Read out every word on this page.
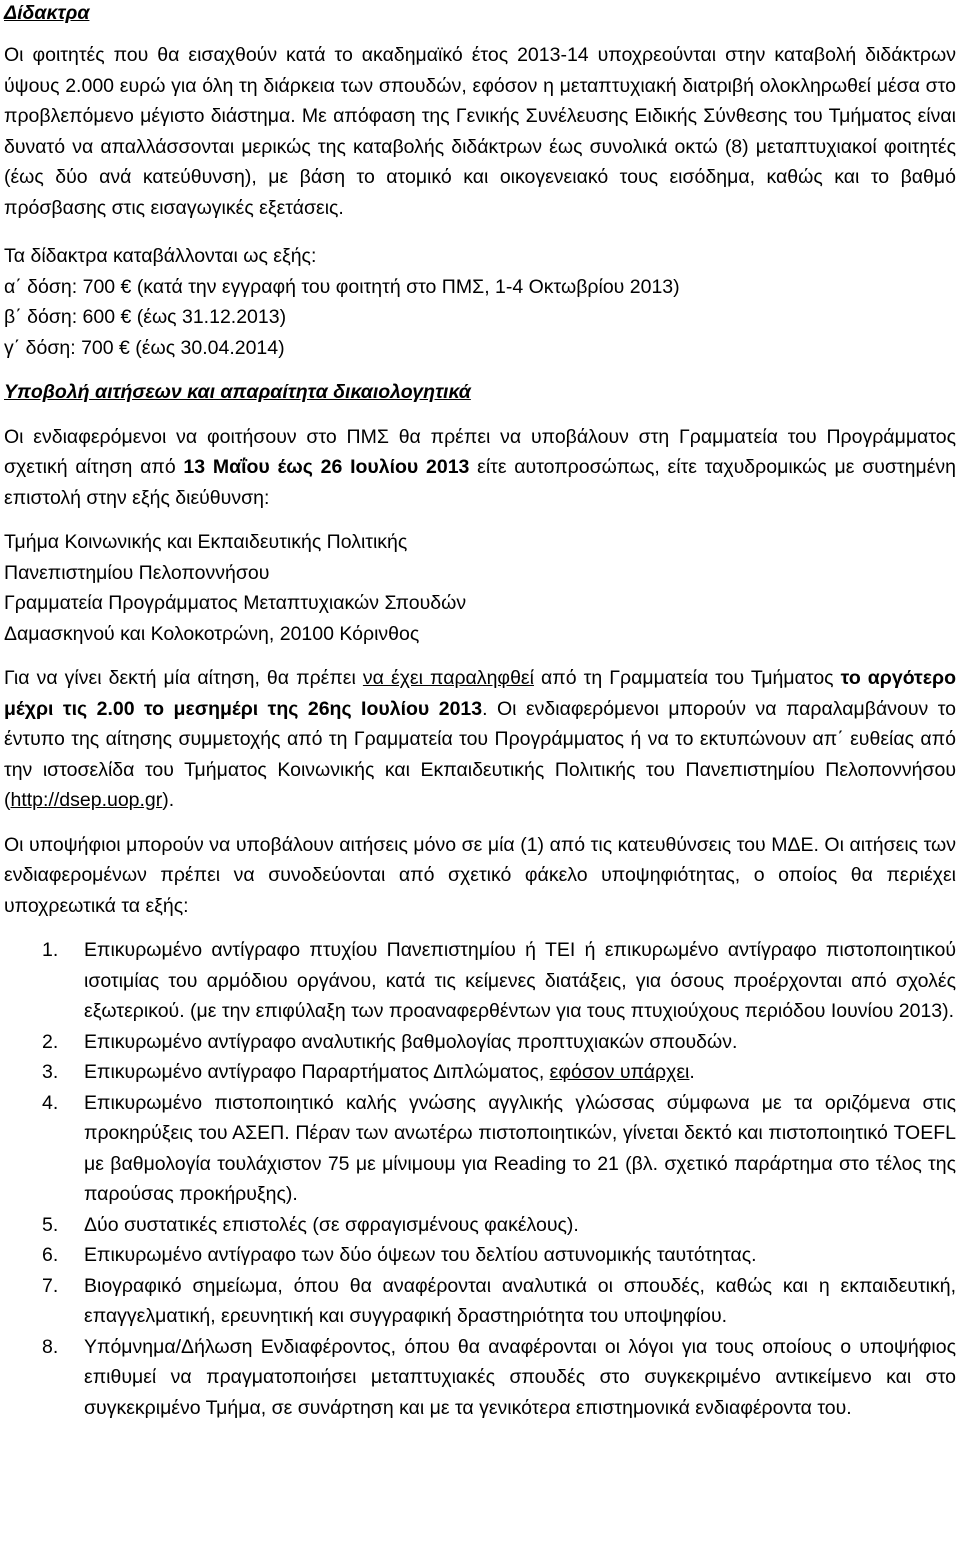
Δίδακτρα

Οι φοιτητές που θα εισαχθούν κατά το ακαδημαϊκό έτος 2013-14 υποχρεούνται στην καταβολή διδάκτρων ύψους 2.000 ευρώ για όλη τη διάρκεια των σπουδών, εφόσον η μεταπτυχιακή διατριβή ολοκληρωθεί μέσα στο προβλεπόμενο μέγιστο διάστημα. Με απόφαση της Γενικής Συνέλευσης Ειδικής Σύνθεσης του Τμήματος είναι δυνατό να απαλλάσσονται μερικώς της καταβολής διδάκτρων έως συνολικά οκτώ (8) μεταπτυχιακοί φοιτητές (έως δύο ανά κατεύθυνση), με βάση το ατομικό και οικογενειακό τους εισόδημα, καθώς και το βαθμό πρόσβασης στις εισαγωγικές εξετάσεις.

Τα δίδακτρα καταβάλλονται ως εξής:

α΄ δόση: 700 € (κατά την εγγραφή του φοιτητή στο ΠΜΣ, 1-4 Οκτωβρίου 2013)

β΄ δόση: 600 € (έως 31.12.2013)

γ΄ δόση: 700 € (έως 30.04.2014)

Υποβολή αιτήσεων και απαραίτητα δικαιολογητικά

Οι ενδιαφερόμενοι να φοιτήσουν στο ΠΜΣ θα πρέπει να υποβάλουν στη Γραμματεία του Προγράμματος σχετική αίτηση από 13 Μαΐου έως 26 Ιουλίου 2013 είτε αυτοπροσώπως, είτε ταχυδρομικώς με συστημένη επιστολή στην εξής διεύθυνση:

Τμήμα Κοινωνικής και Εκπαιδευτικής Πολιτικής

Πανεπιστημίου Πελοποννήσου

Γραμματεία Προγράμματος Μεταπτυχιακών Σπουδών

Δαμασκηνού και Κολοκοτρώνη, 20100 Κόρινθος

Για να γίνει δεκτή μία αίτηση, θα πρέπει να έχει παραληφθεί από τη Γραμματεία του Τμήματος το αργότερο μέχρι τις 2.00 το μεσημέρι της 26ης Ιουλίου 2013. Οι ενδιαφερόμενοι μπορούν να παραλαμβάνουν το έντυπο της αίτησης συμμετοχής από τη Γραμματεία του Προγράμματος ή να το εκτυπώνουν απ΄ ευθείας από την ιστοσελίδα του Τμήματος Κοινωνικής και Εκπαιδευτικής Πολιτικής του Πανεπιστημίου Πελοποννήσου (http://dsep.uop.gr).

Οι υποψήφιοι μπορούν να υποβάλουν αιτήσεις μόνο σε μία (1) από τις κατευθύνσεις του ΜΔΕ. Οι αιτήσεις των ενδιαφερομένων πρέπει να συνοδεύονται από σχετικό φάκελο υποψηφιότητας, ο οποίος θα περιέχει υποχρεωτικά τα εξής:

1.	Επικυρωμένο αντίγραφο πτυχίου Πανεπιστημίου ή ΤΕΙ ή επικυρωμένο αντίγραφο πιστοποιητικού ισοτιμίας του αρμόδιου οργάνου, κατά τις κείμενες διατάξεις, για όσους προέρχονται από σχολές εξωτερικού. (με την επιφύλαξη των προαναφερθέντων για τους πτυχιούχους περιόδου Ιουνίου 2013).
2.	Επικυρωμένο αντίγραφο αναλυτικής βαθμολογίας προπτυχιακών σπουδών.
3.	Επικυρωμένο αντίγραφο Παραρτήματος Διπλώματος, εφόσον υπάρχει.
4.	Επικυρωμένο πιστοποιητικό καλής γνώσης αγγλικής γλώσσας σύμφωνα με τα οριζόμενα στις προκηρύξεις του ΑΣΕΠ. Πέραν των ανωτέρω πιστοποιητικών, γίνεται δεκτό και πιστοποιητικό TOEFL με βαθμολογία τουλάχιστον 75 με μίνιμουμ για Reading το 21 (βλ. σχετικό παράρτημα στο τέλος της παρούσας προκήρυξης).
5.	Δύο συστατικές επιστολές (σε σφραγισμένους φακέλους).
6.	Επικυρωμένο αντίγραφο των δύο όψεων του δελτίου αστυνομικής ταυτότητας.
7.	Βιογραφικό σημείωμα, όπου θα αναφέρονται αναλυτικά οι σπουδές, καθώς και η εκπαιδευτική, επαγγελματική, ερευνητική και συγγραφική δραστηριότητα του υποψηφίου.
8.	Υπόμνημα/Δήλωση Ενδιαφέροντος, όπου θα αναφέρονται οι λόγοι για τους οποίους ο υποψήφιος επιθυμεί να πραγματοποιήσει μεταπτυχιακές σπουδές στο συγκεκριμένο αντικείμενο και στο συγκεκριμένο Τμήμα, σε συνάρτηση και με τα γενικότερα επιστημονικά ενδιαφέροντα του.
